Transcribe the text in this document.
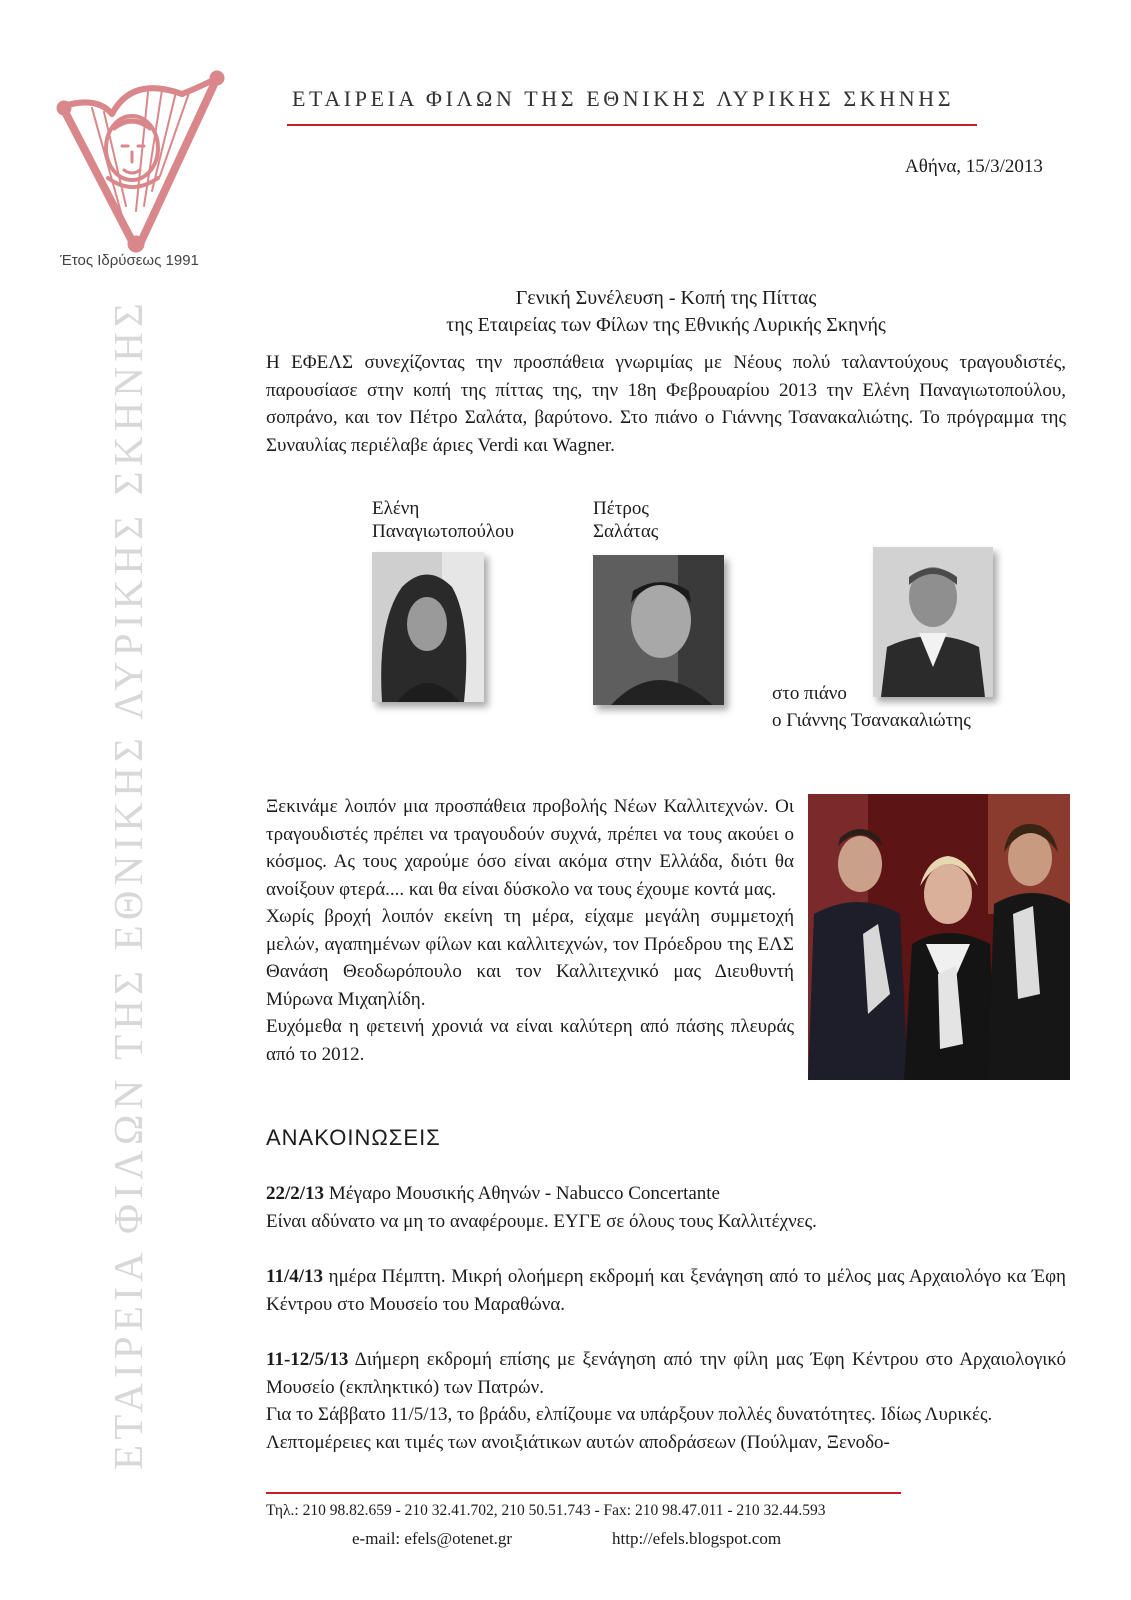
Έτος Ιδρύσεως 1991
ΕΤΑΙΡΕΙΑ ΦΙΛΩΝ ΤΗΣ ΕΘΝΙΚΗΣ ΛΥΡΙΚΗΣ ΣΚΗΝΗΣ
ΕΤΑΙΡΕΙΑ ΦΙΛΩΝ ΤΗΣ ΕΘΝΙΚΗΣ ΛΥΡΙΚΗΣ ΣΚΗΝΗΣ
Αθήνα, 15/3/2013
Γενική Συνέλευση - Κοπή της Πίττας
της Εταιρείας των Φίλων της Εθνικής Λυρικής Σκηνής
Η ΕΦΕΛΣ συνεχίζοντας την προσπάθεια γνωριμίας με Νέους πολύ ταλαντούχους τραγουδιστές, παρουσίασε στην κοπή της πίττας της, την 18η Φεβρουαρίου 2013 την Ελένη Παναγιωτοπούλου, σοπράνο, και τον Πέτρο Σαλάτα, βαρύτονο. Στο πιάνο ο Γιάννης Τσανακαλιώτης. Το πρόγραμμα της Συναυλίας περιέλαβε άριες Verdi και Wagner.
Ελένη
Παναγιωτοπούλου
Πέτρος
Σαλάτας
στο πιάνο
ο Γιάννης Τσανακαλιώτης
Ξεκινάμε λοιπόν μια προσπάθεια προβολής Νέων Καλλιτεχνών. Οι τραγουδιστές πρέπει να τραγουδούν συχνά, πρέπει να τους ακούει ο κόσμος. Ας τους χαρούμε όσο είναι ακόμα στην Ελλάδα, διότι θα ανοίξουν φτερά.... και θα είναι δύσκολο να τους έχουμε κοντά μας.
Χωρίς βροχή λοιπόν εκείνη τη μέρα, είχαμε μεγάλη συμμετοχή μελών, αγαπημένων φίλων και καλλιτεχνών, τον Πρόεδρου της ΕΛΣ Θανάση Θεοδωρόπουλο και τον Καλλιτεχνικό μας Διευθυντή Μύρωνα Μιχαηλίδη.
Ευχόμεθα η φετεινή χρονιά να είναι καλύτερη από πάσης πλευράς από το 2012.
ΑΝΑΚΟΙΝΩΣΕΙΣ
22/2/13 Μέγαρο Μουσικής Αθηνών - Nabucco Concertante
Είναι αδύνατο να μη το αναφέρουμε. ΕΥΓΕ σε όλους τους Καλλιτέχνες.
11/4/13 ημέρα Πέμπτη. Μικρή ολοήμερη εκδρομή και ξενάγηση από το μέλος μας Αρχαιολόγο κα Έφη Κέντρου στο Μουσείο του Μαραθώνα.
11-12/5/13 Διήμερη εκδρομή επίσης με ξενάγηση από την φίλη μας Έφη Κέντρου στο Αρχαιολογικό Μουσείο (εκπληκτικό) των Πατρών.
Για το Σάββατο 11/5/13, το βράδυ, ελπίζουμε να υπάρξουν πολλές δυνατότητες. Ιδίως Λυρικές.
Λεπτομέρειες και τιμές των ανοιξιάτικων αυτών αποδράσεων (Πούλμαν, Ξενοδο-
Τηλ.: 210 98.82.659 - 210 32.41.702, 210 50.51.743 - Fax: 210 98.47.011 - 210 32.44.593
e-mail: efels@otenet.gr	http://efels.blogspot.com
